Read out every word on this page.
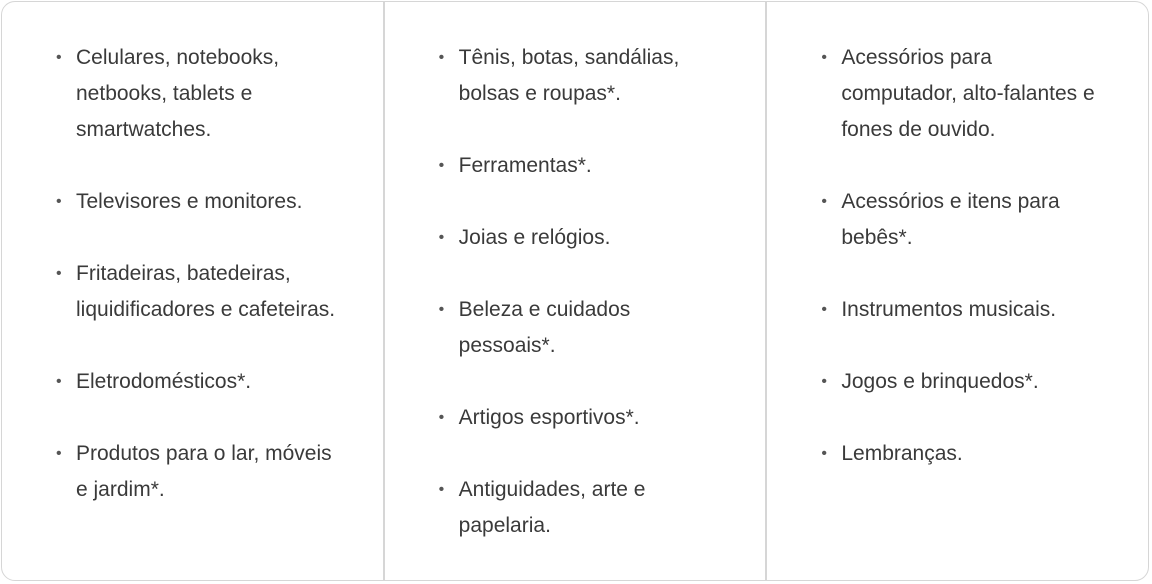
• Celulares, notebooks, netbooks, tablets e smartwatches.
• Televisores e monitores.
• Fritadeiras, batedeiras, liquidificadores e cafeteiras.
• Eletrodomésticos*.
• Produtos para o lar, móveis e jardim*.
• Tênis, botas, sandálias, bolsas e roupas*.
• Ferramentas*.
• Joias e relógios.
• Beleza e cuidados pessoais*.
• Artigos esportivos*.
• Antiguidades, arte e papelaria.
• Acessórios para computador, alto-falantes e fones de ouvido.
• Acessórios e itens para bebês*.
• Instrumentos musicais.
• Jogos e brinquedos*.
• Lembranças.
